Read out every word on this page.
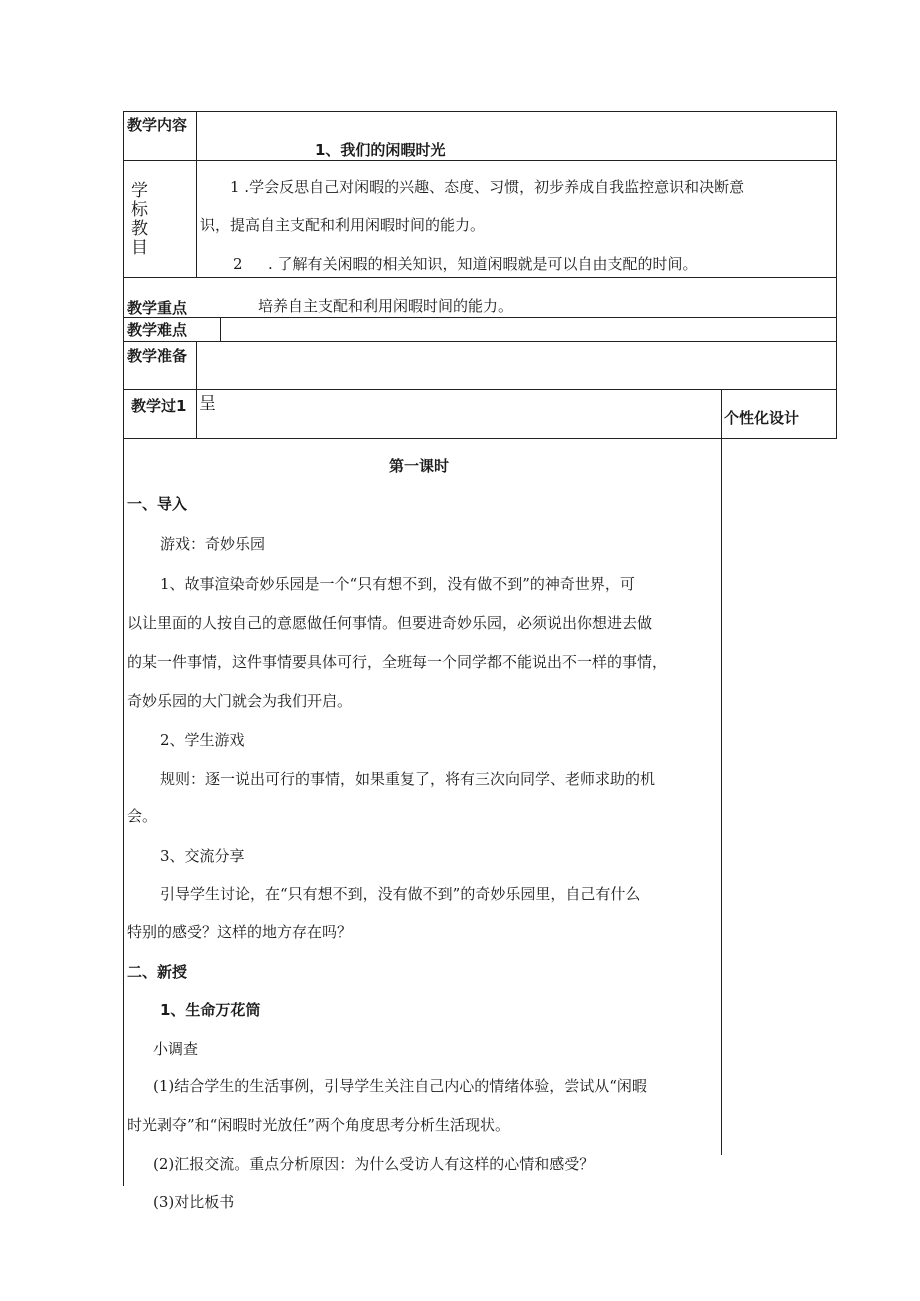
教学内容
1、我们的闲暇时光
学
标
教
目
1 .学会反思自己对闲暇的兴趣、态度、习惯，初步养成自我监控意识和决断意
识，提高自主支配和利用闲暇时间的能力。
2 . 了解有关闲暇的相关知识，知道闲暇就是可以自由支配的时间。
教学重点	培养自主支配和利用闲暇时间的能力。
教学难点
教学准备
教学过1 呈
个性化设计
第一课时
一、导入
游戏：奇妙乐园
1、故事渲染奇妙乐园是一个“只有想不到，没有做不到”的神奇世界，可
以让里面的人按自己的意愿做任何事情。但要进奇妙乐园，必须说出你想进去做
的某一件事情，这件事情要具体可行，全班每一个同学都不能说出不一样的事情，
奇妙乐园的大门就会为我们开启。
2、学生游戏
规则：逐一说出可行的事情，如果重复了，将有三次向同学、老师求助的机
会。
3、交流分享
引导学生讨论，在“只有想不到，没有做不到”的奇妙乐园里，自己有什么
特别的感受？这样的地方存在吗？
二、新授
1、生命万花筒
小调查
(1)结合学生的生活事例，引导学生关注自己内心的情绪体验，尝试从“闲暇
时光剥夺”和“闲暇时光放任”两个角度思考分析生活现状。
(2)汇报交流。重点分析原因：为什么受访人有这样的心情和感受？
(3)对比板书
